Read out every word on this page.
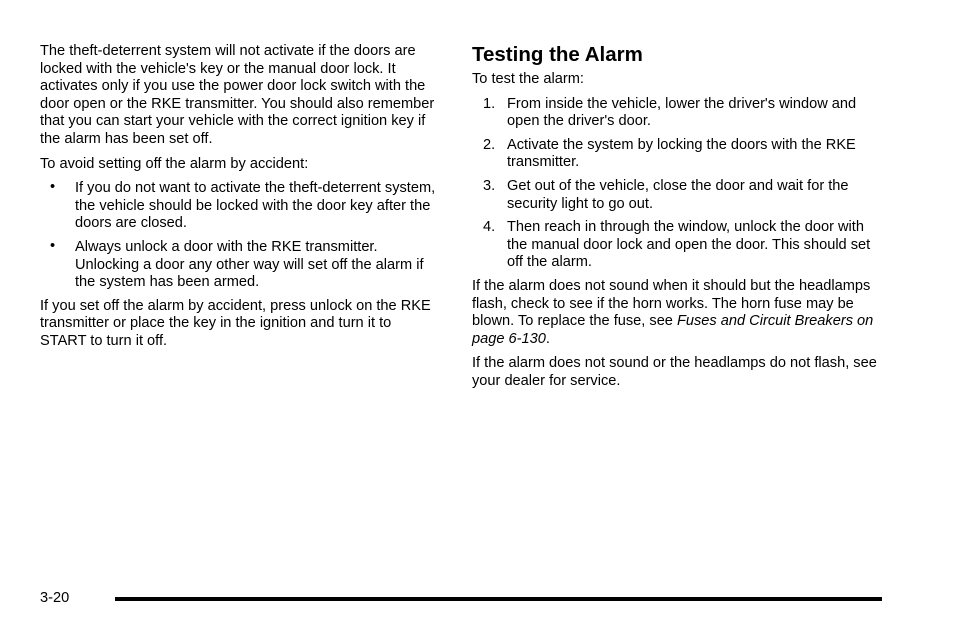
The theft-deterrent system will not activate if the doors are locked with the vehicle's key or the manual door lock. It activates only if you use the power door lock switch with the door open or the RKE transmitter. You should also remember that you can start your vehicle with the correct ignition key if the alarm has been set off.

To avoid setting off the alarm by accident:

• If you do not want to activate the theft-deterrent system, the vehicle should be locked with the door key after the doors are closed.
• Always unlock a door with the RKE transmitter. Unlocking a door any other way will set off the alarm if the system has been armed.

If you set off the alarm by accident, press unlock on the RKE transmitter or place the key in the ignition and turn it to START to turn it off.

Testing the Alarm

To test the alarm:

1. From inside the vehicle, lower the driver's window and open the driver's door.
2. Activate the system by locking the doors with the RKE transmitter.
3. Get out of the vehicle, close the door and wait for the security light to go out.
4. Then reach in through the window, unlock the door with the manual door lock and open the door. This should set off the alarm.

If the alarm does not sound when it should but the headlamps flash, check to see if the horn works. The horn fuse may be blown. To replace the fuse, see Fuses and Circuit Breakers on page 6-130.

If the alarm does not sound or the headlamps do not flash, see your dealer for service.

3-20
